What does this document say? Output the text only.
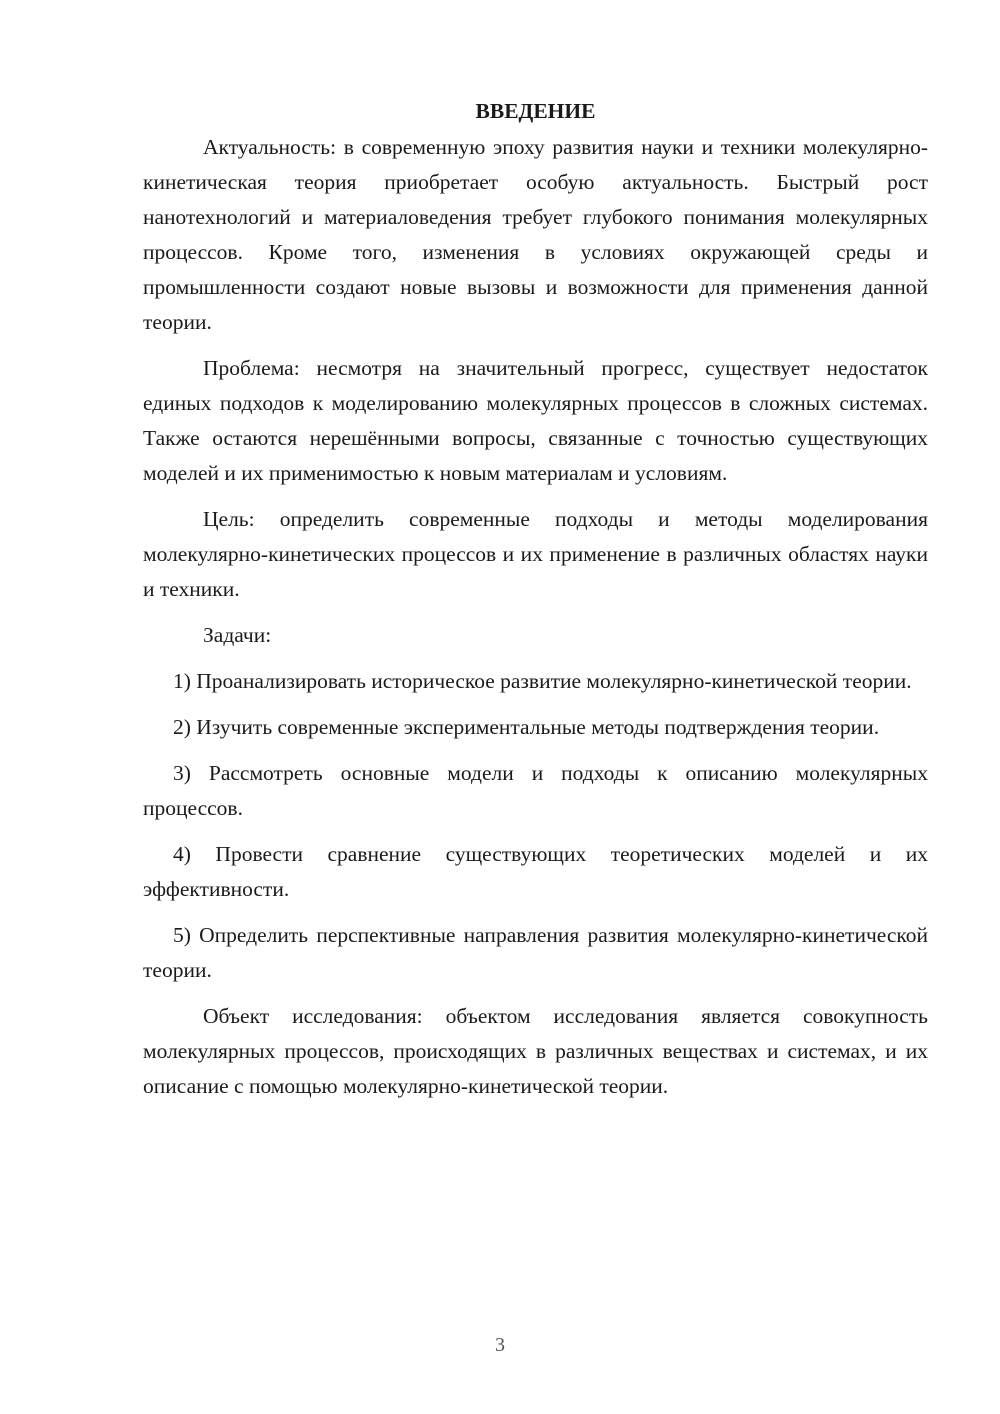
ВВЕДЕНИЕ

Актуальность: в современную эпоху развития науки и техники молекулярно-кинетическая теория приобретает особую актуальность. Быстрый рост нанотехнологий и материаловедения требует глубокого понимания молекулярных процессов. Кроме того, изменения в условиях окружающей среды и промышленности создают новые вызовы и возможности для применения данной теории.

Проблема: несмотря на значительный прогресс, существует недостаток единых подходов к моделированию молекулярных процессов в сложных системах. Также остаются нерешёнными вопросы, связанные с точностью существующих моделей и их применимостью к новым материалам и условиям.

Цель: определить современные подходы и методы моделирования молекулярно-кинетических процессов и их применение в различных областях науки и техники.

Задачи:

1) Проанализировать историческое развитие молекулярно-кинетической теории.

2) Изучить современные экспериментальные методы подтверждения теории.

3) Рассмотреть основные модели и подходы к описанию молекулярных процессов.

4) Провести сравнение существующих теоретических моделей и их эффективности.

5) Определить перспективные направления развития молекулярно-кинетической теории.

Объект исследования: объектом исследования является совокупность молекулярных процессов, происходящих в различных веществах и системах, и их описание с помощью молекулярно-кинетической теории.

3
